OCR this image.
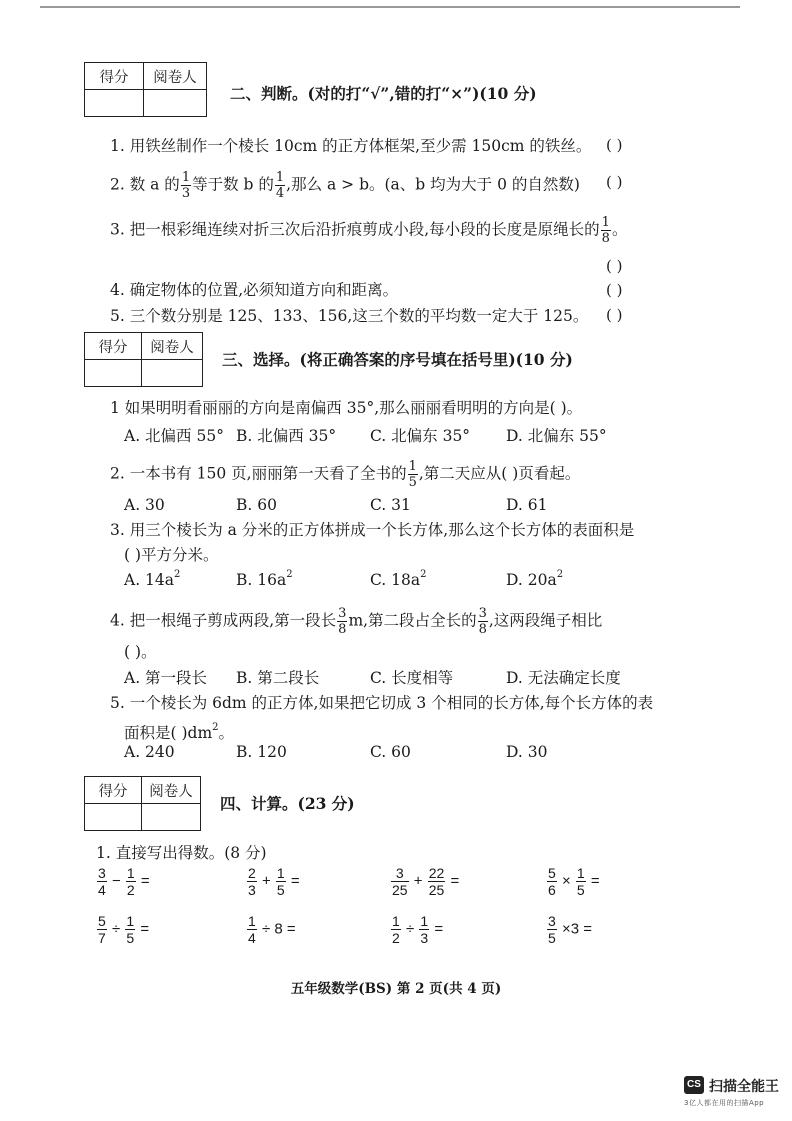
得分	阅卷人

二、判断。(对的打“√”,错的打“×”)(10 分)
1. 用铁丝制作一个棱长 10cm 的正方体框架,至少需 150cm 的铁丝。 ( )
2. 数 a 的 $\frac{1}{3}$ 等于数 b 的 $\frac{1}{4}$ ,那么 a > b。(a、b 均为大于 0 的自然数) ( )
3. 把一根彩绳连续对折三次后沿折痕剪成小段,每小段的长度是原绳长的 $\frac{1}{8}$ 。
( )
4. 确定物体的位置,必须知道方向和距离。	( )
5. 三个数分别是 125、133、156,这三个数的平均数一定大于 125。 ( )
得分	阅卷人

三、选择。(将正确答案的序号填在括号里)(10 分)
1 如果明明看丽丽的方向是南偏西 35°,那么丽丽看明明的方向是( )。
A. 北偏西 55° B. 北偏西 35° C. 北偏东 35° D. 北偏东 55°
2. 一本书有 150 页,丽丽第一天看了全书的 $\frac{1}{5}$ ,第二天应从( )页看起。
A. 30	B. 60	C. 31	D. 61
3. 用三个棱长为 a 分米的正方体拼成一个长方体,那么这个长方体的表面积是
( )平方分米。
A. $14a^2$	B. $16a^2$	C. $18a^2$	D. $20a^2$
4. 把一根绳子剪成两段,第一段长 $\frac{3}{8} m$,第二段占全长的 $\frac{3}{8}$ ,这两段绳子相比
( )。
A. 第一段长 B. 第二段长	C. 长度相等	D. 无法确定长度
5. 一个棱长为 6dm 的正方体,如果把它切成 3 个相同的长方体,每个长方体的表
面积是( )$dm^2$。
A. 240	B. 120	C. 60	D. 30
得分	阅卷人

四、计算。(23 分)
1. 直接写出得数。(8 分)
$\frac{3}{4} - \frac{1}{2}$ =	$\frac{2}{3} + \frac{1}{5}$ =	$\frac{3}{25} + \frac{22}{25}$ =	$\frac{5}{6} \times \frac{1}{5}$ =
$\frac{5}{7} \div \frac{1}{5}$ =	$\frac{1}{4} \div 8$ =	$\frac{1}{2} \div \frac{1}{3}$ =	$\frac{3}{5} \times 3$ =
五年级数学(BS) 第 2 页(共 4 页)
CS 扫描全能王
3亿人都在用的扫描App
